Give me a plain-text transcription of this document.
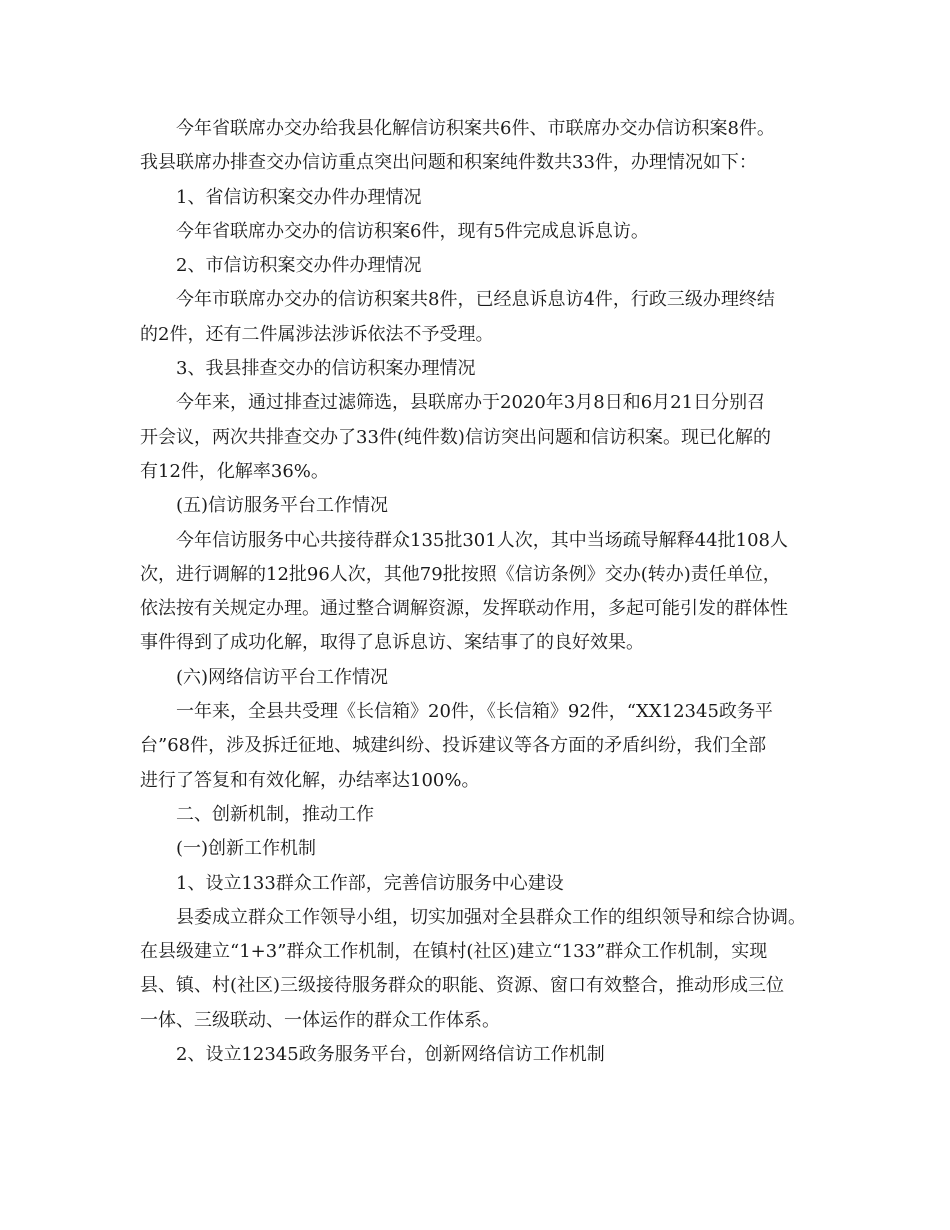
今年省联席办交办给我县化解信访积案共6件、市联席办交办信访积案8件。
我县联席办排查交办信访重点突出问题和积案纯件数共33件，办理情况如下：
1、省信访积案交办件办理情况
今年省联席办交办的信访积案6件，现有5件完成息诉息访。
2、市信访积案交办件办理情况
今年市联席办交办的信访积案共8件，已经息诉息访4件，行政三级办理终结
的2件，还有二件属涉法涉诉依法不予受理。
3、我县排查交办的信访积案办理情况
今年来，通过排查过滤筛选，县联席办于2020年3月8日和6月21日分别召
开会议，两次共排查交办了33件(纯件数)信访突出问题和信访积案。现已化解的
有12件，化解率36%。
(五)信访服务平台工作情况
今年信访服务中心共接待群众135批301人次，其中当场疏导解释44批108人
次，进行调解的12批96人次，其他79批按照《信访条例》交办(转办)责任单位，
依法按有关规定办理。通过整合调解资源，发挥联动作用，多起可能引发的群体性
事件得到了成功化解，取得了息诉息访、案结事了的良好效果。
(六)网络信访平台工作情况
一年来，全县共受理《长信箱》20件，《长信箱》92件，“XX12345政务平
台”68件，涉及拆迁征地、城建纠纷、投诉建议等各方面的矛盾纠纷，我们全部
进行了答复和有效化解，办结率达100%。
二、创新机制，推动工作
(一)创新工作机制
1、设立133群众工作部，完善信访服务中心建设
县委成立群众工作领导小组，切实加强对全县群众工作的组织领导和综合协调。
在县级建立“1+3”群众工作机制，在镇村(社区)建立“133”群众工作机制，实现
县、镇、村(社区)三级接待服务群众的职能、资源、窗口有效整合，推动形成三位
一体、三级联动、一体运作的群众工作体系。
2、设立12345政务服务平台，创新网络信访工作机制
